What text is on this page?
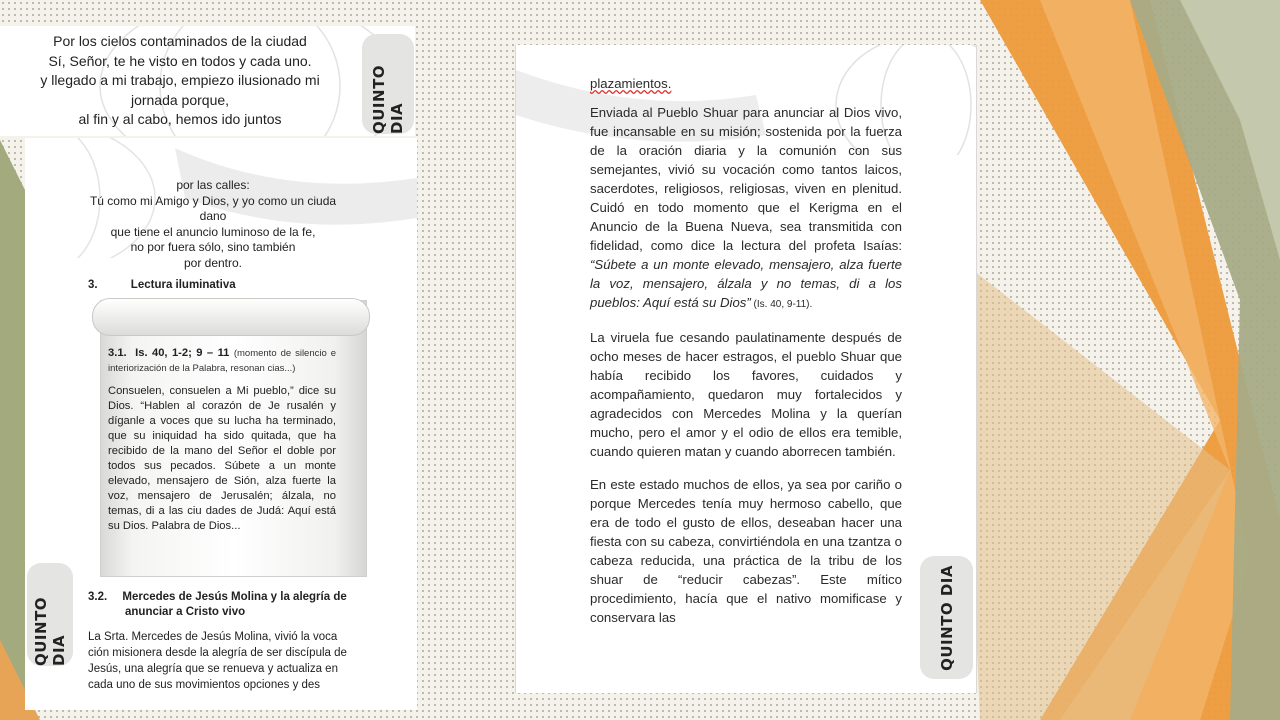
Por los cielos contaminados de la ciudad
Sí, Señor, te he visto en todos y cada uno.
y llegado a mi trabajo, empiezo ilusionado mi
jornada porque,
al fin y al cabo, hemos ido juntos	QUINTO DIA
por las calles:
Tú como mi Amigo y Dios, y yo como un ciuda
dano
que tiene el anuncio luminoso de la fe,
no por fuera sólo, sino también
por dentro.
3.	Lectura iluminativa

3.1. Is. 40, 1-2; 9 – 11 (momento de silencio e interiorización de la Palabra, resonan cias...)

Consuelen, consuelen a Mi pueblo,” dice su Dios. “Hablen al corazón de Je rusalén y díganle a voces que su lucha ha terminado, que su iniquidad ha sido quitada, que ha recibido de la mano del Señor el doble por todos sus pecados. Súbete a un monte elevado, mensajero de Sión, alza fuerte la voz, mensajero de Jerusalén; álzala, no temas, di a las ciu dades de Judá: Aquí está su Dios. Palabra de Dios...

3.2. Mercedes de Jesús Molina y la alegría de
anunciar a Cristo vivo
La Srta. Mercedes de Jesús Molina, vivió la voca ción misionera desde la alegría de ser discípula de Jesús, una alegría que se renueva y actualiza en cada uno de sus movimientos opciones y des
QUINTO DIA

plazamientos.

Enviada al Pueblo Shuar para anunciar al Dios vivo, fue incansable en su misión; sostenida por la fuerza de la oración diaria y la comunión con sus semejantes, vivió su vocación como tantos laicos, sacerdotes, religiosos, religiosas, viven en plenitud. Cuidó en todo momento que el Kerigma en el Anuncio de la Buena Nueva, sea transmitida con fidelidad, como dice la lectura del profeta Isaías: “Súbete a un monte elevado, mensajero, alza fuerte la voz, mensajero, álzala y no temas, di a los pueblos: Aquí está su Dios” (Is. 40, 9-11).

La viruela fue cesando paulatinamente después de ocho meses de hacer estragos, el pueblo Shuar que había recibido los favores, cuidados y acompañamiento, quedaron muy fortalecidos y agradecidos con Mercedes Molina y la querían mucho, pero el amor y el odio de ellos era temible, cuando quieren matan y cuando aborrecen también.

En este estado muchos de ellos, ya sea por cariño o porque Mercedes tenía muy hermoso cabello, que era de todo el gusto de ellos, deseaban hacer una fiesta con su cabeza, convirtiéndola en una tzantza o cabeza reducida, una práctica de la tribu de los shuar de “reducir cabezas”. Este mítico procedimiento, hacía que el nativo momificase y conservara las	QUINTO DIA
